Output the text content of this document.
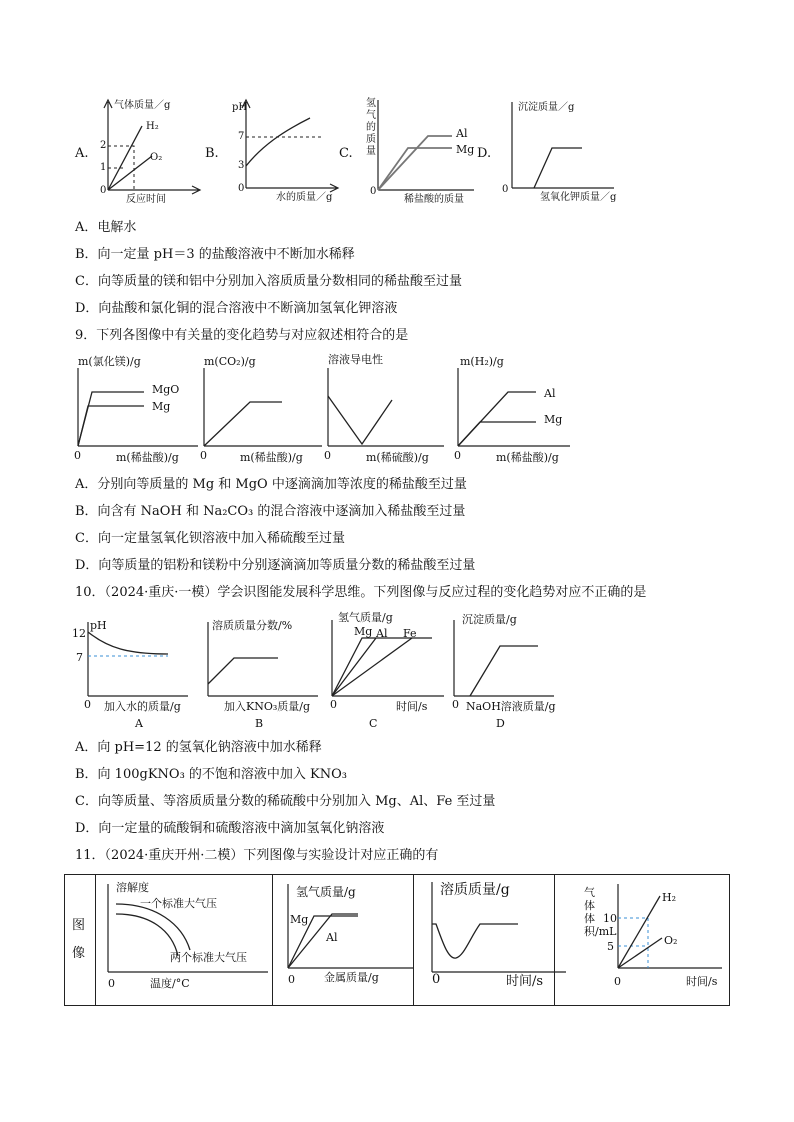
A.
气体质量／g
2
1
0
H₂
O₂
反应时间
B.
pH
7
3
0
水的质量／g
C.
氢气的质量
0
Al
Mg
稀盐酸的质量
D.
沉淀质量／g
0
氢氧化钾质量／g
A．电解水
B．向一定量 pH＝3 的盐酸溶液中不断加水稀释
C．向等质量的镁和铝中分别加入溶质质量分数相同的稀盐酸至过量
D．向盐酸和氯化铜的混合溶液中不断滴加氢氧化钾溶液
9．下列各图像中有关量的变化趋势与对应叙述相符合的是
m(氯化镁)/g
MgO
Mg
0	m(稀盐酸)/g
m(CO₂)/g
0	m(稀盐酸)/g
溶液导电性
0	m(稀硫酸)/g
m(H₂)/g
Al
Mg
0	m(稀盐酸)/g
A．分别向等质量的 Mg 和 MgO 中逐滴滴加等浓度的稀盐酸至过量
B．向含有 NaOH 和 Na₂CO₃ 的混合溶液中逐滴加入稀盐酸至过量
C．向一定量氢氧化钡溶液中加入稀硫酸至过量
D．向等质量的铝粉和镁粉中分别逐滴滴加等质量分数的稀盐酸至过量
10．（2024·重庆·一模）学会识图能发展科学思维。下列图像与反应过程的变化趋势对应不正确的是
pH
12
7
0 加入水的质量/g
A
溶质质量分数/%
加入KNO₃质量/g
B
氢气质量/g
Mg Al Fe
0	时间/s
C
沉淀质量/g
0 NaOH溶液质量/g
D
A．向 pH=12 的氢氧化钠溶液中加水稀释
B．向 100gKNO₃ 的不饱和溶液中加入 KNO₃
C．向等质量、等溶质质量分数的稀硫酸中分别加入 Mg、Al、Fe 至过量
D．向一定量的硫酸铜和硫酸溶液中滴加氢氧化钠溶液
11．（2024·重庆开州·二模）下列图像与实验设计对应正确的有

图像
溶解度
一个标准大气压
两个标准大气压
0	温度/°C
氢气质量/g
Mg
Al
0	金属质量/g
溶质质量/g
0	时间/s
气体体积/mL
10
5
H₂
O₂
0	时间/s
